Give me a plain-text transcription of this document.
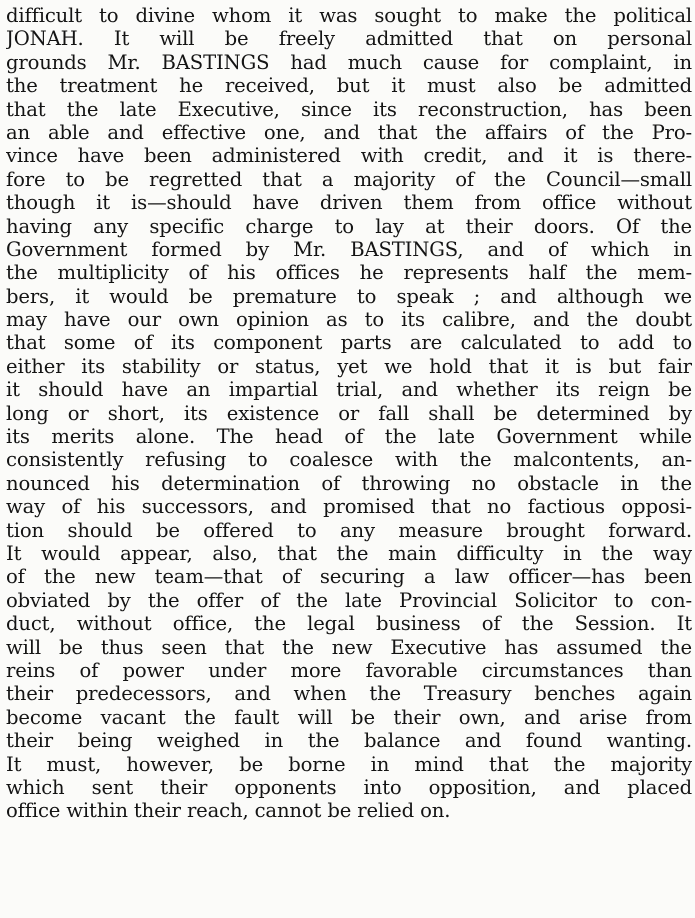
difficult to divine whom it was sought to make the political
JONAH. It will be freely admitted that on personal
grounds Mr. BASTINGS had much cause for complaint, in
the treatment he received, but it must also be admitted
that the late Executive, since its reconstruction, has been
an able and effective one, and that the affairs of the Pro-
vince have been administered with credit, and it is there-
fore to be regretted that a majority of the Council—small
though it is—should have driven them from office without
having any specific charge to lay at their doors. Of the
Government formed by Mr. BASTINGS, and of which in
the multiplicity of his offices he represents half the mem-
bers, it would be premature to speak ; and although we
may have our own opinion as to its calibre, and the doubt
that some of its component parts are calculated to add to
either its stability or status, yet we hold that it is but fair
it should have an impartial trial, and whether its reign be
long or short, its existence or fall shall be determined by
its merits alone. The head of the late Government while
consistently refusing to coalesce with the malcontents, an-
nounced his determination of throwing no obstacle in the
way of his successors, and promised that no factious opposi-
tion should be offered to any measure brought forward.
It would appear, also, that the main difficulty in the way
of the new team—that of securing a law officer—has been
obviated by the offer of the late Provincial Solicitor to con-
duct, without office, the legal business of the Session. It
will be thus seen that the new Executive has assumed the
reins of power under more favorable circumstances than
their predecessors, and when the Treasury benches again
become vacant the fault will be their own, and arise from
their being weighed in the balance and found wanting.
It must, however, be borne in mind that the majority
which sent their opponents into opposition, and placed
office within their reach, cannot be relied on.
